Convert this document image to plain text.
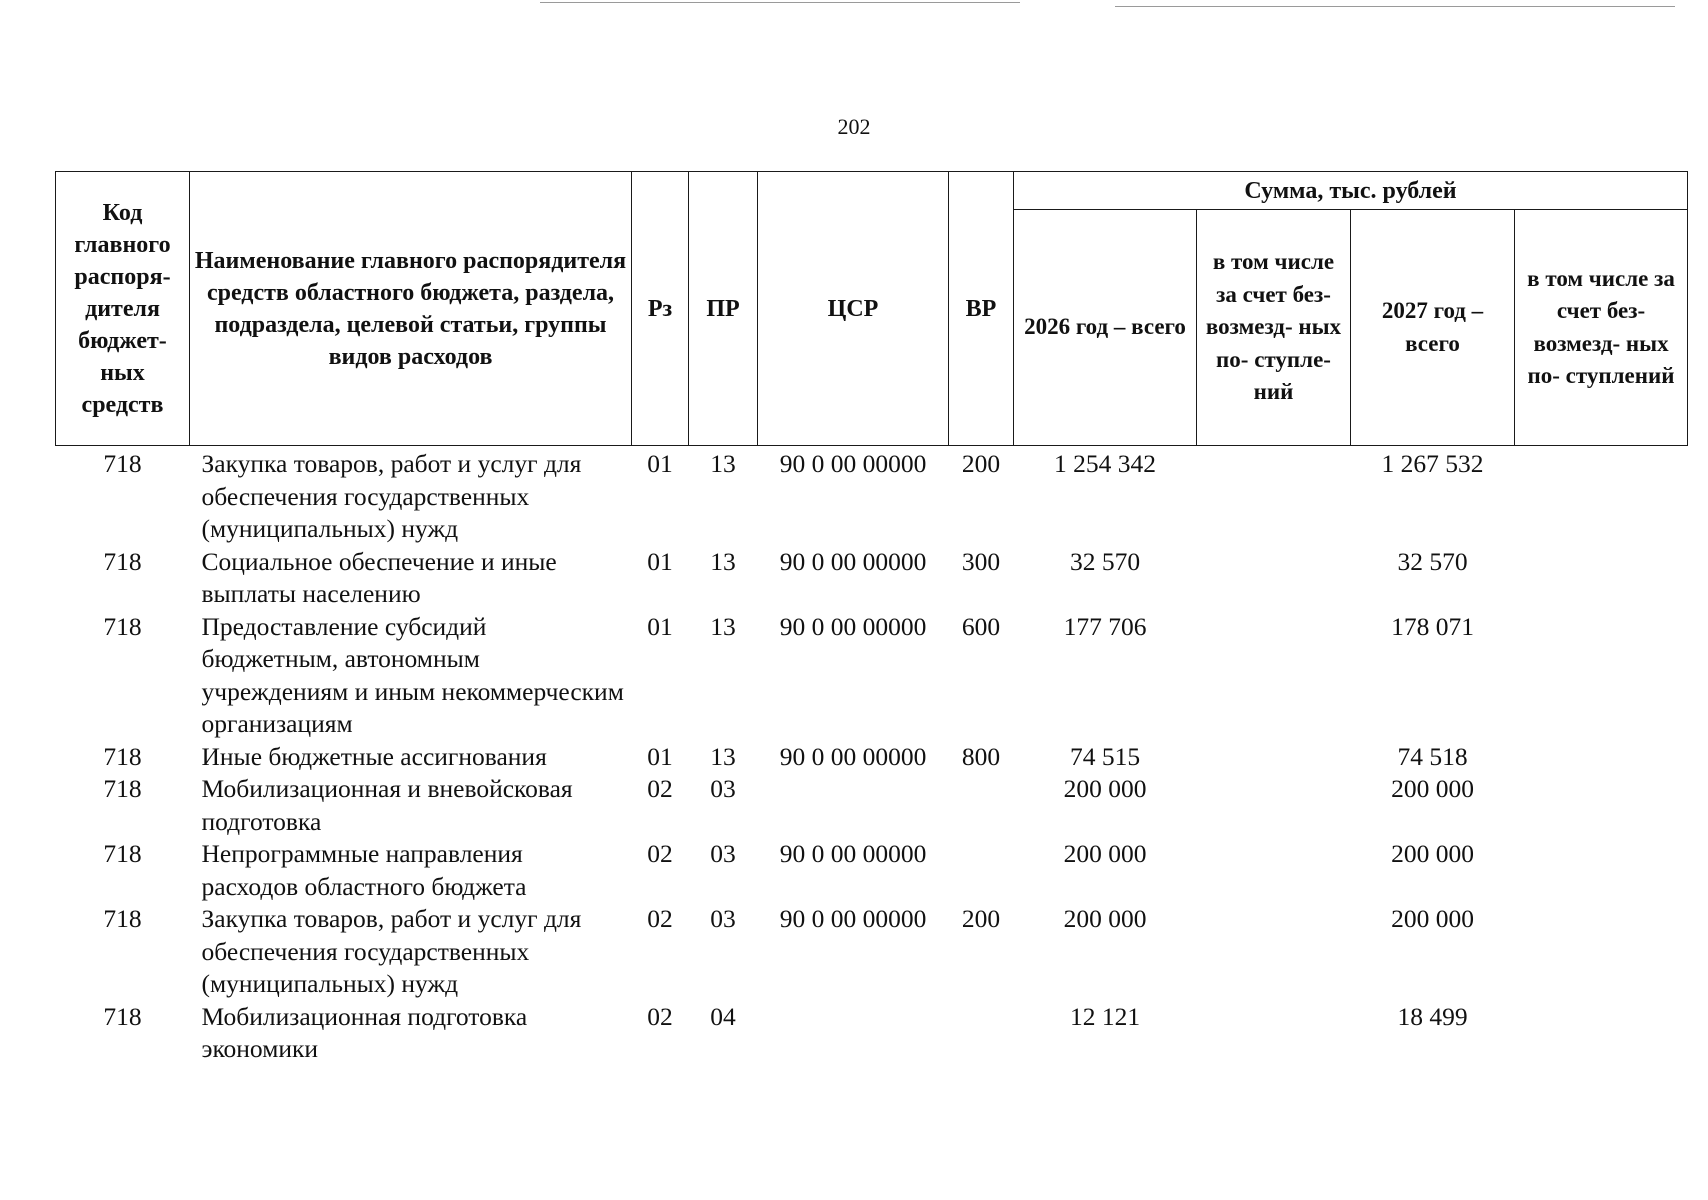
202
Код главного распоря- дителя бюджет- ных средств	Наименование главного распорядителя средств областного бюджета, раздела, подраздела, целевой статьи, группы видов расходов	Рз	ПР	ЦСР	ВР	Сумма, тыс. рублей			
						2026 год – всего	в том числе за счет без- возмезд- ных по- ступле- ний	2027 год – всего	в том числе за счет без- возмезд- ных по- ступлений
718	Закупка товаров, работ и услуг для обеспечения государственных (муниципальных) нужд	01	13	90 0 00 00000	200	1 254 342		1 267 532	
718	Социальное обеспечение и иные выплаты населению	01	13	90 0 00 00000	300	32 570		32 570	
718	Предоставление субсидий бюджетным, автономным учреждениям и иным некоммерческим организациям	01	13	90 0 00 00000	600	177 706		178 071	
718	Иные бюджетные ассигнования	01	13	90 0 00 00000	800	74 515		74 518	
718	Мобилизационная и вневойсковая подготовка	02	03			200 000		200 000	
718	Непрограммные направления расходов областного бюджета	02	03	90 0 00 00000		200 000		200 000	
718	Закупка товаров, работ и услуг для обеспечения государственных (муниципальных) нужд	02	03	90 0 00 00000	200	200 000		200 000	
718	Мобилизационная подготовка экономики	02	04			12 121		18 499	
